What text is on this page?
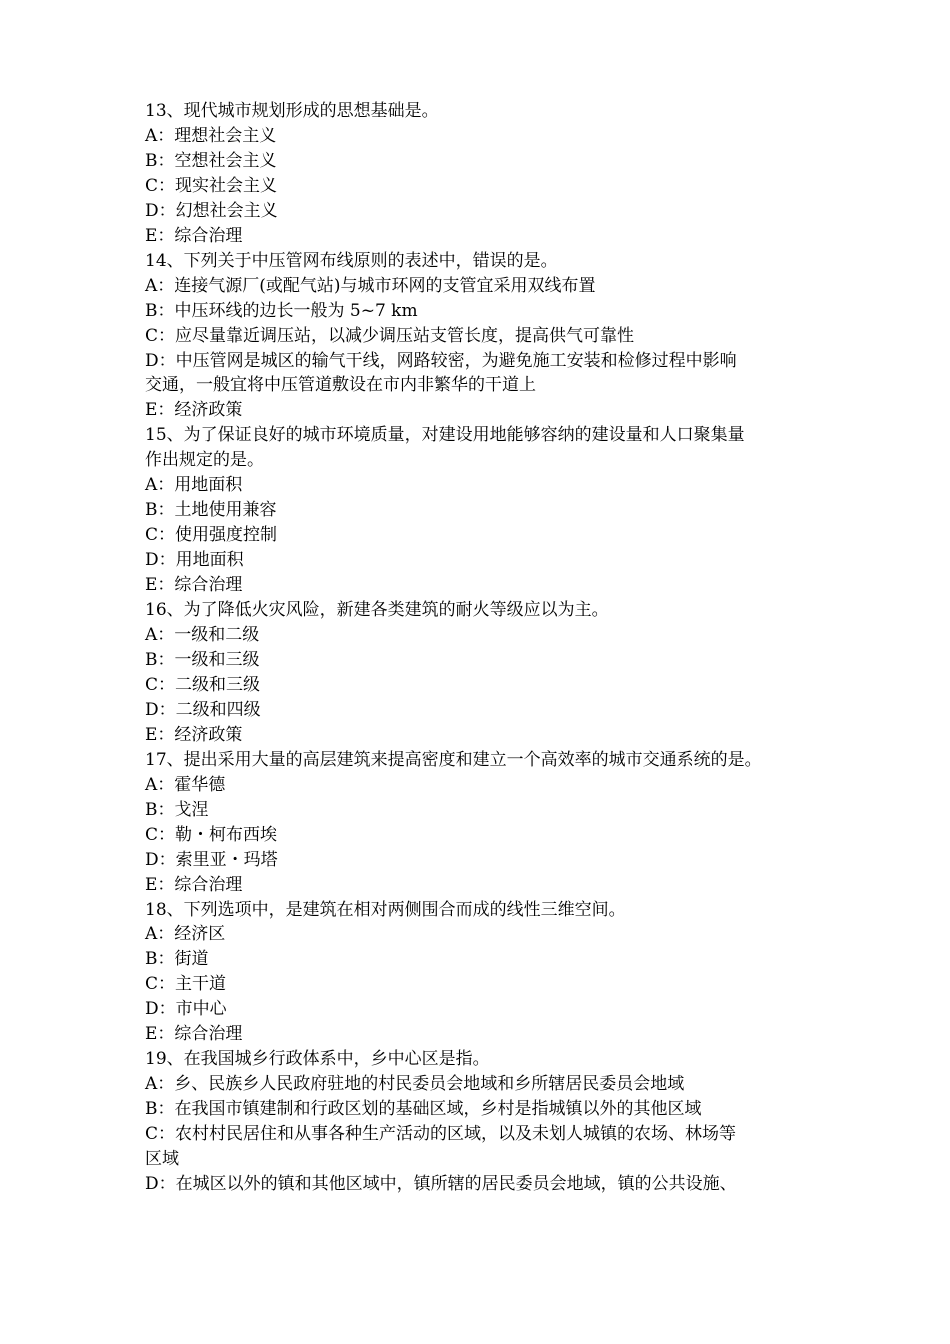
13、现代城市规划形成的思想基础是。

A：理想社会主义

B：空想社会主义

C：现实社会主义

D：幻想社会主义

E：综合治理

14、下列关于中压管网布线原则的表述中，错误的是。

A：连接气源厂(或配气站)与城市环网的支管宜采用双线布置

B：中压环线的边长一般为 5~7 km

C：应尽量靠近调压站，以减少调压站支管长度，提高供气可靠性

D：中压管网是城区的输气干线，网路较密，为避免施工安装和检修过程中影响

交通，一般宜将中压管道敷设在市内非繁华的干道上

E：经济政策

15、为了保证良好的城市环境质量，对建设用地能够容纳的建设量和人口聚集量

作出规定的是。

A：用地面积

B：土地使用兼容

C：使用强度控制

D：用地面积

E：综合治理

16、为了降低火灾风险，新建各类建筑的耐火等级应以为主。

A：一级和二级

B：一级和三级

C：二级和三级

D：二级和四级

E：经济政策

17、提出采用大量的高层建筑来提高密度和建立一个高效率的城市交通系统的是。

A：霍华德

B：戈涅

C：勒・柯布西埃

D：索里亚・玛塔

E：综合治理

18、下列选项中，是建筑在相对两侧围合而成的线性三维空间。

A：经济区

B：街道

C：主干道

D：市中心

E：综合治理

19、在我国城乡行政体系中，乡中心区是指。

A：乡、民族乡人民政府驻地的村民委员会地域和乡所辖居民委员会地域

B：在我国市镇建制和行政区划的基础区域，乡村是指城镇以外的其他区域

C：农村村民居住和从事各种生产活动的区域，以及未划人城镇的农场、林场等

区域

D：在城区以外的镇和其他区域中，镇所辖的居民委员会地域，镇的公共设施、
